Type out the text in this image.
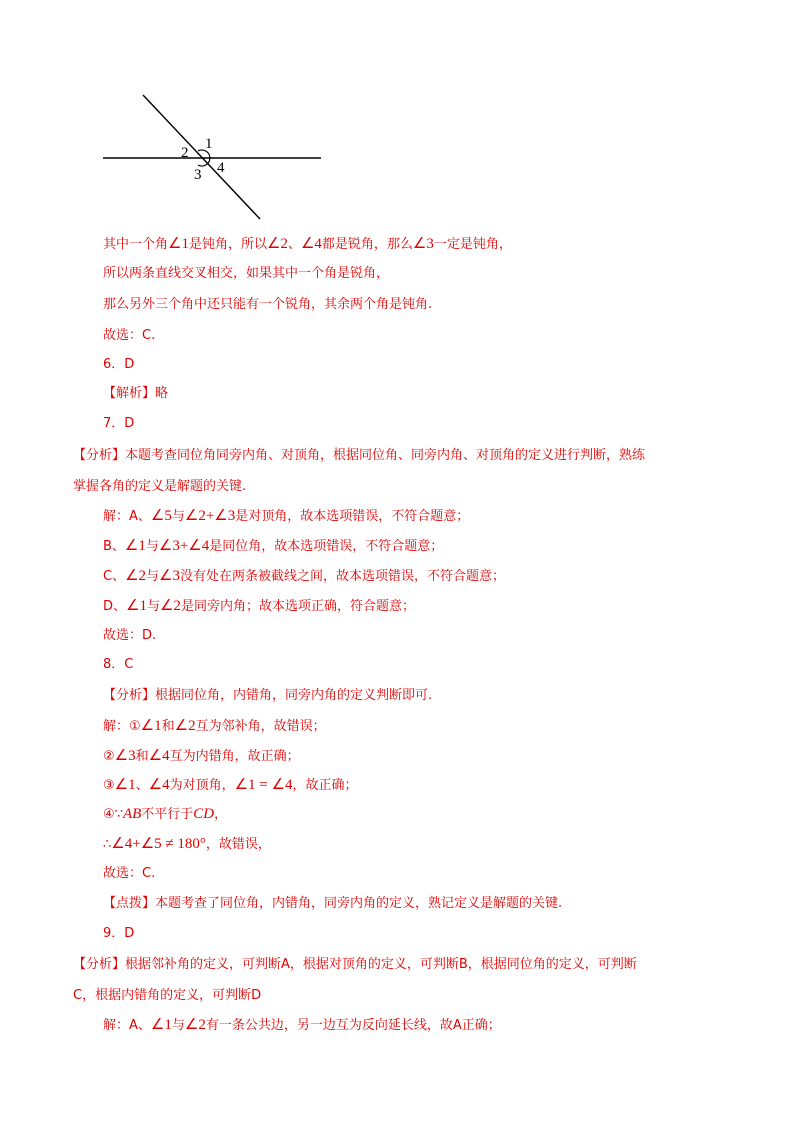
1
2
3 4
其中一个角∠1是钝角，所以∠2、∠4都是锐角，那么∠3一定是钝角，
所以两条直线交叉相交，如果其中一个角是锐角，
那么另外三个角中还只能有一个锐角，其余两个角是钝角.
故选：C.
6．D
【解析】略
7．D
【分析】本题考查同位角同旁内角、对顶角，根据同位角、同旁内角、对顶角的定义进行判断，熟练
掌握各角的定义是解题的关键.
解：A、∠5与∠2+∠3是对顶角，故本选项错误，不符合题意；
B、∠1与∠3+∠4是同位角，故本选项错误，不符合题意；
C、∠2与∠3没有处在两条被截线之间，故本选项错误，不符合题意；
D、∠1与∠2是同旁内角；故本选项正确，符合题意；
故选：D.
8．C
【分析】根据同位角，内错角，同旁内角的定义判断即可.
解：①∠1和∠2互为邻补角，故错误；
②∠3和∠4互为内错角，故正确；
③∠1、∠4为对顶角，∠1 = ∠4，故正确；
④∵AB不平行于CD，
∴∠4+∠5 ≠ 180°，故错误，
故选：C.
【点拨】本题考查了同位角，内错角，同旁内角的定义，熟记定义是解题的关键.
9．D
【分析】根据邻补角的定义，可判断A，根据对顶角的定义，可判断B，根据同位角的定义，可判断
C，根据内错角的定义，可判断D
解：A、∠1与∠2有一条公共边，另一边互为反向延长线，故A正确；
